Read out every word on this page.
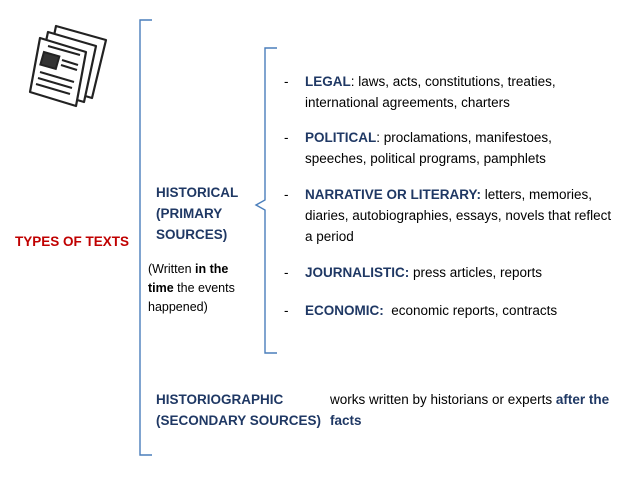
TYPES OF TEXTS
HISTORICAL
(PRIMARY
SOURCES)
(Written in the
time the events happened)
- LEGAL: laws, acts, constitutions, treaties, international agreements, charters
- POLITICAL: proclamations, manifestoes, speeches, political programs, pamphlets
- NARRATIVE OR LITERARY: letters, memories, diaries, autobiographies, essays, novels that reflect a period
- JOURNALISTIC: press articles, reports
- ECONOMIC: economic reports, contracts
HISTORIOGRAPHIC
(SECONDARY SOURCES)
works written by historians or experts after the facts
